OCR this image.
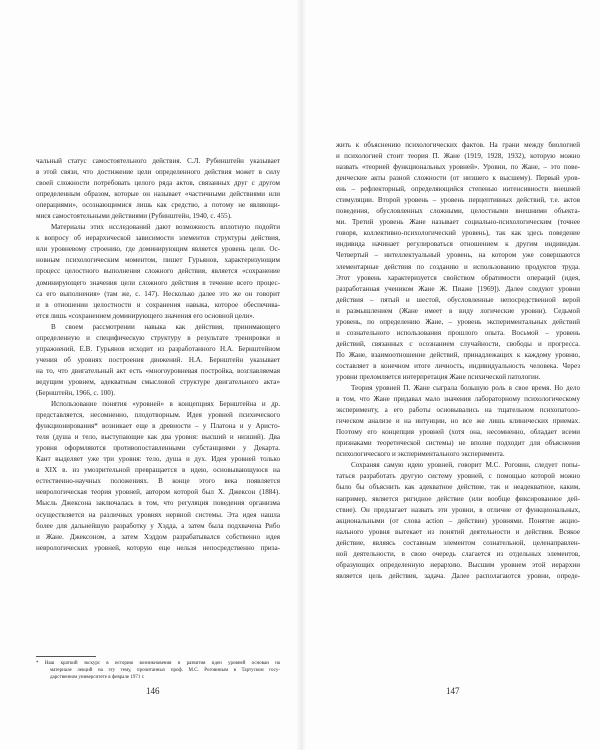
чальный статус самостоятельного действия. С.Л. Рубинштейн указывает
в этой связи, что достижение цели определенного действия может в силу
своей сложности потребовать целого ряда актов, связанных друг с другом
определенным образом, которые он называет «частичными действиями или
операциями», осознающимися лишь как средство, а потому не являющи-
мися самостоятельными действиями (Рубинштейн, 1940, с. 455).
Материалы этих исследований дают возможность вплотную подойти
к вопросу об иерархической зависимости элементов структуры действия,
или уровневому строению, где доминирующим является уровень цели. Ос-
новным психологическим моментом, пишет Гурьянов, характеризующим
процесс целостного выполнения сложного действия, является «сохранение
доминирующего значения цели сложного действия в течение всего процес-
са его выполнения» (там же, с. 147). Несколько далее это же он говорит
и в отношении целостности и сохранения навыка, которое обеспечива-
ется лишь «сохранением доминирующего значения его основной цели».
В своем рассмотрении навыка как действия, принимающего
определенную и специфическую структуру в результате тренировки и
упражнений, Е.В. Гурьянов исходит из разработанного Н.А. Бернштейном
учения об уровнях построения движений. Н.А. Бернштейн указывает
на то, что двигательный акт есть «многоуровневая постройка, возглавляемая
ведущим уровнем, адекватным смысловой структуре двигательного акта»
(Бернштейн, 1966, с. 100).
Использование понятия «уровней» в концепциях Бернштейна и др.
представляется, несомненно, плодотворным. Идея уровней психического
функционирования* возникает еще в древности – у Платона и у Аристо-
теля (душа и тело, выступающие как два уровня: высший и низший). Два
уровня оформляются противопоставленными субстанциями у Декарта.
Кант выделяет уже три уровня: тело, душа и дух. Идея уровней только
в XIX в. из умозрительной превращается в идею, основывающуюся на
естественно-научных положениях. В конце этого века появляется
неврологическая теория уровней, автором которой был Х. Джексон (1884).
Мысль Джексона заключалась в том, что регуляция поведения организма
осуществляется на различных уровнях нервной системы. Эта идея нашла
более для дальнейшую разработку у Хэдда, а затем была подхвачена Рибо
и Жане. Джексоном, а затем Хэддом разрабатывался собственно идея
неврологических уровней, которую еще нельзя непосредственно приза-
* Наш краткий экскурс в историю возникновения и развития идеи уровней основан на
материале лекций на эту тему, прочитанных проф. М.С. Роговиным в Тартуском госу-
дарственном университете в феврале 1971 г.
146
жить к объяснению психологических фактов. На грани между биологией
и психологией стоит теория П. Жане (1919, 1928, 1932), которую можно
назвать «теорией функциональных уровней». Уровни, по Жане, – это пове-
денческие акты разной сложности (от низшего к высшему). Первый уров-
ень – рефлекторный, определяющийся степенью интенсивности внешней
стимуляции. Второй уровень – уровень перцептивных действий, т.е. актов
поведения, обусловленных сложными, целостными внешними объекта-
ми. Третий уровень Жане называет социально-психологическим (точнее
говоря, коллективно-психологический уровень), так как здесь поведение
индивида начинает регулироваться отношением к другим индивидам.
Четвертый – интеллектуальный уровень, на котором уже совершаются
элементарные действия по созданию и использованию продуктов труда.
Этот уровень характеризуется свойством обратимости операций (идея,
разработанная учеником Жане Ж. Пиаже [1969]). Далее следуют уровни
действия – пятый и шестой, обусловленные непосредственной верой
и размышлением (Жане имеет в виду логические уровни). Седьмой
уровень, по определению Жане, – уровень экспериментальных действий
и сознательного использования прошлого опыта. Восьмой – уровень
действий, связанных с осознанием случайности, свободы и прогресса.
По Жане, взаимоотношение действий, принадлежащих к каждому уровню,
составляет в конечном итоге личность, индивидуальность человека. Через
уровни преломляется интерпретация Жане психической патологии.
Теория уровней П. Жане сыграла большую роль в свое время. Но дело
в том, что Жане придавал мало значения лабораторному психологическому
эксперименту, а его работы основывались на тщательном психопатоло-
гическом анализе и на интуиции, но все же лишь клинических приемах.
Поэтому его концепция уровней (хотя она, несомненно, обладает всеми
признаками теоретической системы) не вполне подходит для объяснения
психологического и экспериментального эксперимента.
Сохраняя самую идею уровней, говорит М.С. Роговин, следует попы-
таться разработать другую систему уровней, с помощью которой можно
было бы объяснить как адекватное действие, так и неадекватное, каким,
например, является ригидное действие (или вообще фиксированное дей-
ствие). Он предлагает назвать эти уровни, в отличие от функциональных,
акциональными (от слова action – действие) уровнями. Понятие акцио-
нального уровня вытекает из понятий деятельности и действия. Всякое
действие, являясь составным элементом сознательной, целенаправлен-
ной деятельности, в свою очередь слагается из отдельных элементов,
образующих определенную иерархию. Высшим уровнем этой иерархии
является цель действия, задача. Далее располагаются уровни, опреде-
147
